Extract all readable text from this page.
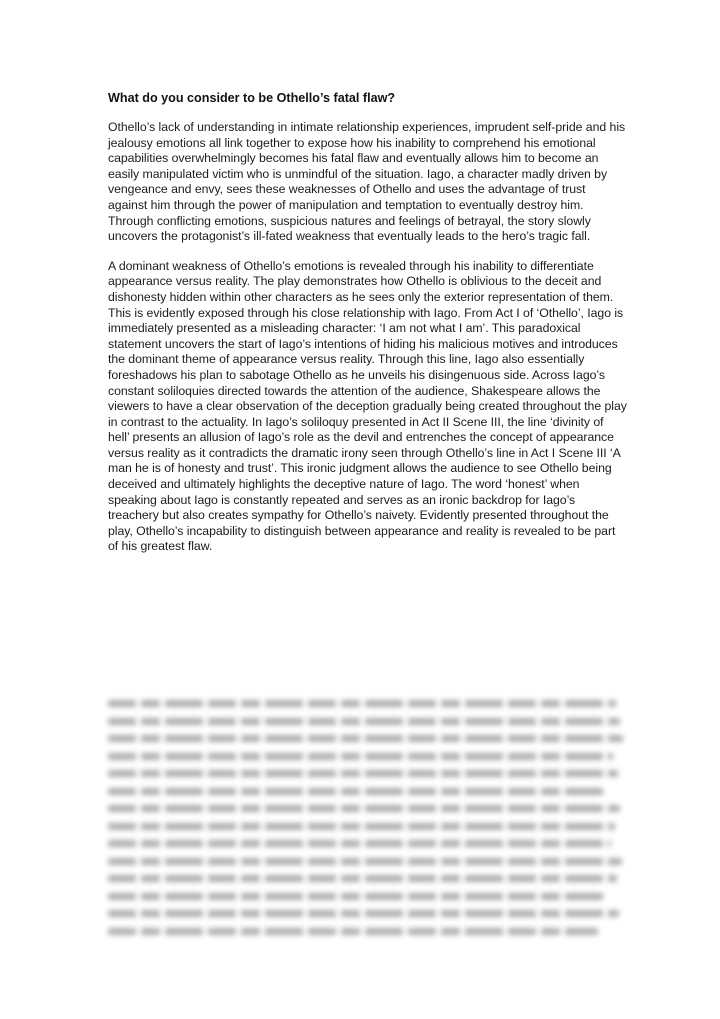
What do you consider to be Othello’s fatal flaw?

Othello’s lack of understanding in intimate relationship experiences, imprudent self-pride and his jealousy emotions all link together to expose how his inability to comprehend his emotional capabilities overwhelmingly becomes his fatal flaw and eventually allows him to become an easily manipulated victim who is unmindful of the situation. Iago, a character madly driven by vengeance and envy, sees these weaknesses of Othello and uses the advantage of trust against him through the power of manipulation and temptation to eventually destroy him. Through conflicting emotions, suspicious natures and feelings of betrayal, the story slowly uncovers the protagonist’s ill-fated weakness that eventually leads to the hero’s tragic fall.

A dominant weakness of Othello’s emotions is revealed through his inability to differentiate appearance versus reality. The play demonstrates how Othello is oblivious to the deceit and dishonesty hidden within other characters as he sees only the exterior representation of them. This is evidently exposed through his close relationship with Iago. From Act I of ‘Othello’, Iago is immediately presented as a misleading character: ‘I am not what I am’. This paradoxical statement uncovers the start of Iago’s intentions of hiding his malicious motives and introduces the dominant theme of appearance versus reality. Through this line, Iago also essentially foreshadows his plan to sabotage Othello as he unveils his disingenuous side. Across Iago’s constant soliloquies directed towards the attention of the audience, Shakespeare allows the viewers to have a clear observation of the deception gradually being created throughout the play in contrast to the actuality. In Iago’s soliloquy presented in Act II Scene III, the line ‘divinity of hell’ presents an allusion of Iago’s role as the devil and entrenches the concept of appearance versus reality as it contradicts the dramatic irony seen through Othello’s line in Act I Scene III ‘A man he is of honesty and trust’. This ironic judgment allows the audience to see Othello being deceived and ultimately highlights the deceptive nature of Iago. The word ‘honest’ when speaking about Iago is constantly repeated and serves as an ironic backdrop for Iago’s treachery but also creates sympathy for Othello’s naivety. Evidently presented throughout the play, Othello’s incapability to distinguish between appearance and reality is revealed to be part of his greatest flaw.
